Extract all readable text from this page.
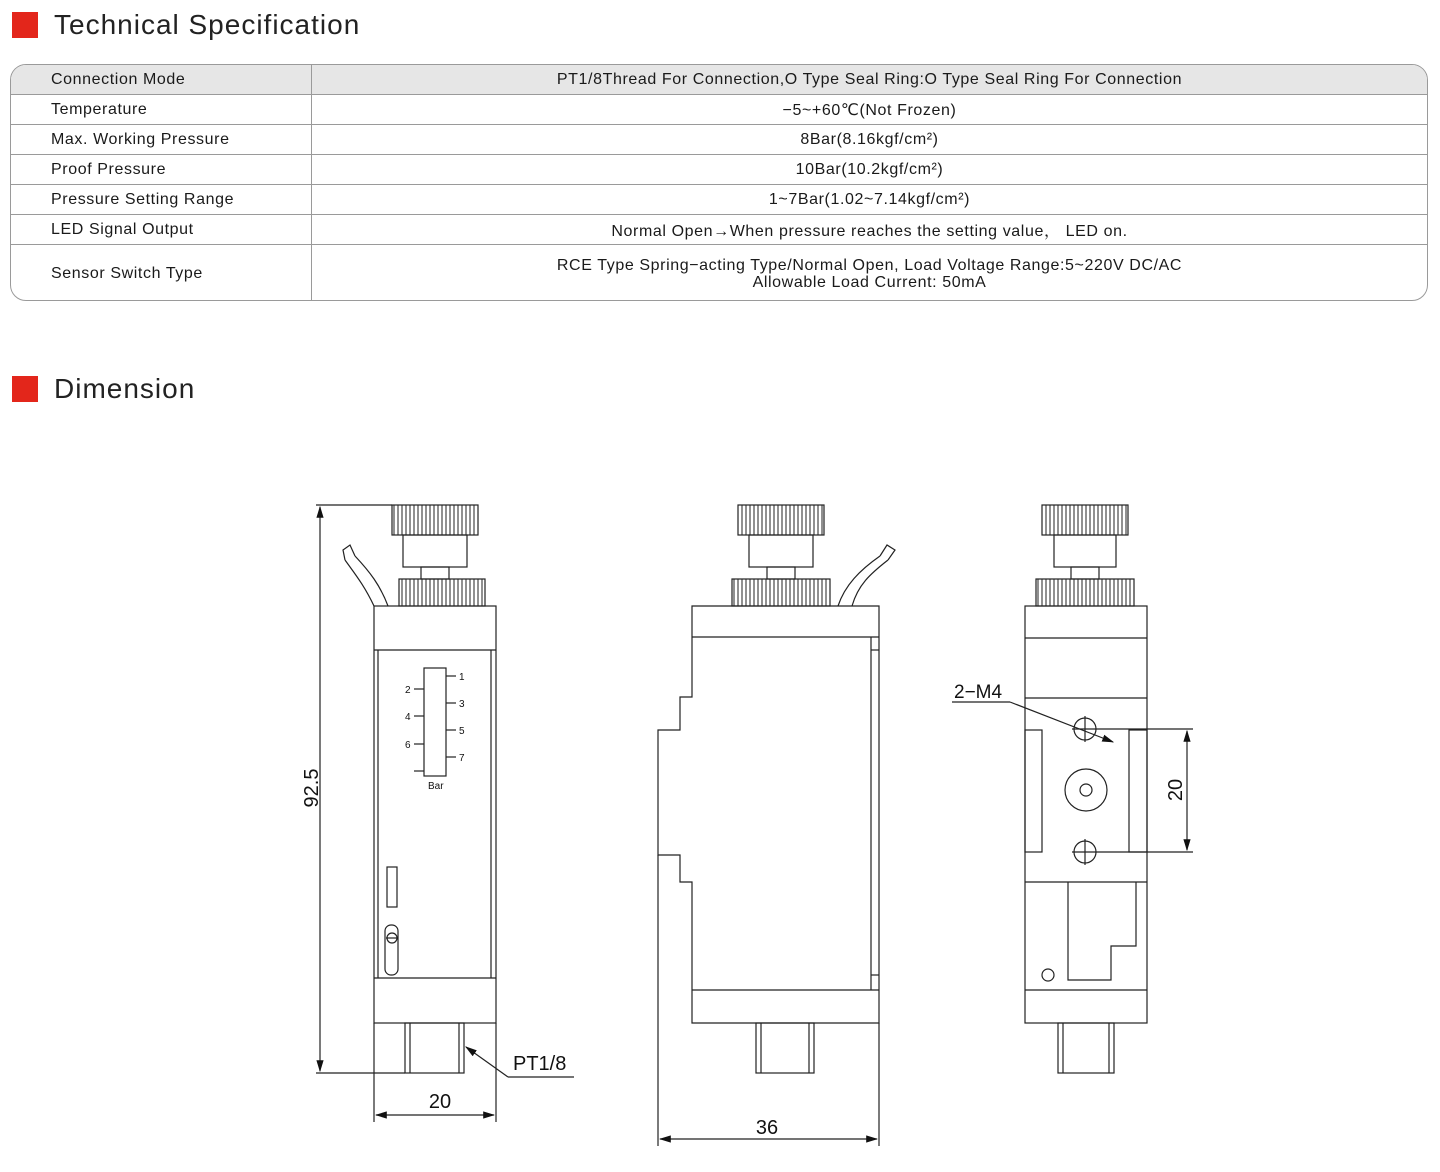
Technical Specification
Connection Mode	PT1/8Thread For Connection,O Type Seal Ring:O Type Seal Ring For Connection
Temperature	−5~+60℃(Not Frozen)
Max. Working Pressure	8Bar(8.16kgf/cm²)
Proof Pressure	10Bar(10.2kgf/cm²)
Pressure Setting Range	1~7Bar(1.02~7.14kgf/cm²)
LED Signal Output	Normal Open→When pressure reaches the setting value， LED on.
Sensor Switch Type	RCE Type Spring−acting Type/Normal Open, Load Voltage Range:5~220V DC/AC
Allowable Load Current: 50mA
Dimension
1
3
5
7
2
4
6
Bar
92.5
20
PT1/8
36
2−M4
20
